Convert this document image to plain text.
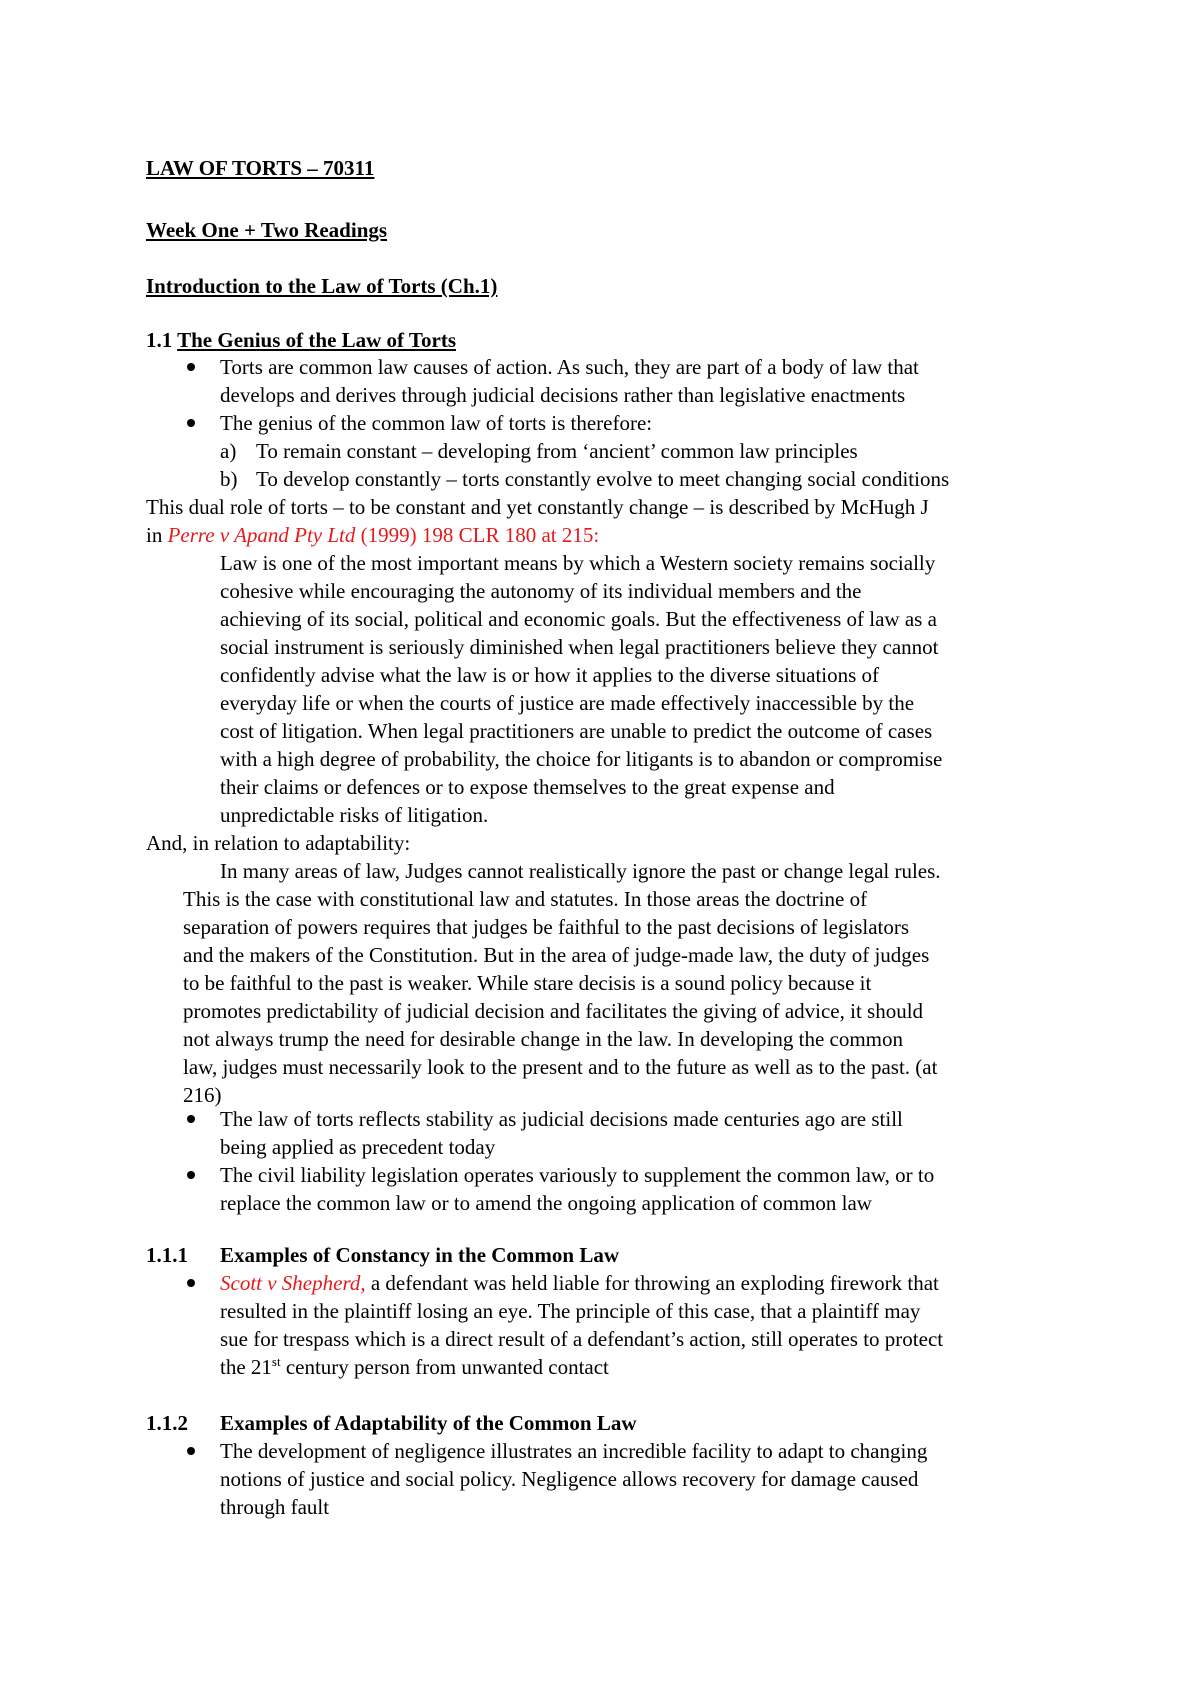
LAW OF TORTS – 70311
Week One + Two Readings
Introduction to the Law of Torts (Ch.1)
1.1 The Genius of the Law of Torts
Torts are common law causes of action. As such, they are part of a body of law that
develops and derives through judicial decisions rather than legislative enactments
The genius of the common law of torts is therefore:
a) To remain constant – developing from ‘ancient’ common law principles
b) To develop constantly – torts constantly evolve to meet changing social conditions
This dual role of torts – to be constant and yet constantly change – is described by McHugh J
in Perre v Apand Pty Ltd (1999) 198 CLR 180 at 215:
Law is one of the most important means by which a Western society remains socially
cohesive while encouraging the autonomy of its individual members and the
achieving of its social, political and economic goals. But the effectiveness of law as a
social instrument is seriously diminished when legal practitioners believe they cannot
confidently advise what the law is or how it applies to the diverse situations of
everyday life or when the courts of justice are made effectively inaccessible by the
cost of litigation. When legal practitioners are unable to predict the outcome of cases
with a high degree of probability, the choice for litigants is to abandon or compromise
their claims or defences or to expose themselves to the great expense and
unpredictable risks of litigation.
And, in relation to adaptability:
In many areas of law, Judges cannot realistically ignore the past or change legal rules.
This is the case with constitutional law and statutes. In those areas the doctrine of
separation of powers requires that judges be faithful to the past decisions of legislators
and the makers of the Constitution. But in the area of judge-made law, the duty of judges
to be faithful to the past is weaker. While stare decisis is a sound policy because it
promotes predictability of judicial decision and facilitates the giving of advice, it should
not always trump the need for desirable change in the law. In developing the common
law, judges must necessarily look to the present and to the future as well as to the past. (at
216)
The law of torts reflects stability as judicial decisions made centuries ago are still
being applied as precedent today
The civil liability legislation operates variously to supplement the common law, or to
replace the common law or to amend the ongoing application of common law
1.1.1 Examples of Constancy in the Common Law
Scott v Shepherd, a defendant was held liable for throwing an exploding firework that
resulted in the plaintiff losing an eye. The principle of this case, that a plaintiff may
sue for trespass which is a direct result of a defendant’s action, still operates to protect
the 21st century person from unwanted contact
1.1.2 Examples of Adaptability of the Common Law
The development of negligence illustrates an incredible facility to adapt to changing
notions of justice and social policy. Negligence allows recovery for damage caused
through fault
